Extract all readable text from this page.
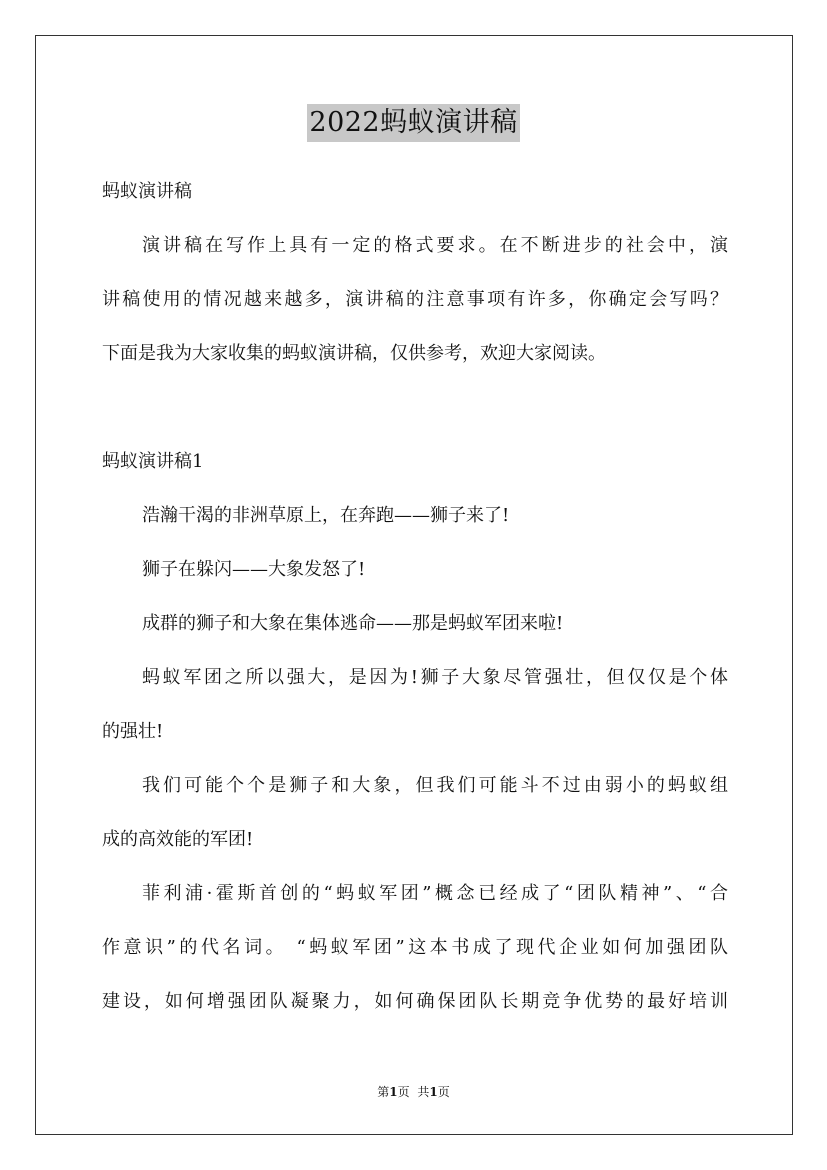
2022蚂蚁演讲稿
蚂蚁演讲稿
演讲稿在写作上具有一定的格式要求。在不断进步的社会中，演
讲稿使用的情况越来越多，演讲稿的注意事项有许多，你确定会写吗？
下面是我为大家收集的蚂蚁演讲稿，仅供参考，欢迎大家阅读。
蚂蚁演讲稿1
浩瀚干渴的非洲草原上，在奔跑——狮子来了!
狮子在躲闪——大象发怒了!
成群的狮子和大象在集体逃命——那是蚂蚁军团来啦!
蚂蚁军团之所以强大，是因为!狮子大象尽管强壮，但仅仅是个体
的强壮!
我们可能个个是狮子和大象，但我们可能斗不过由弱小的蚂蚁组
成的高效能的军团!
菲利浦·霍斯首创的“蚂蚁军团”概念已经成了“团队精神”、“合
作意识”的代名词。 “蚂蚁军团”这本书成了现代企业如何加强团队
建设，如何增强团队凝聚力，如何确保团队长期竞争优势的最好培训
第1页 共1页
